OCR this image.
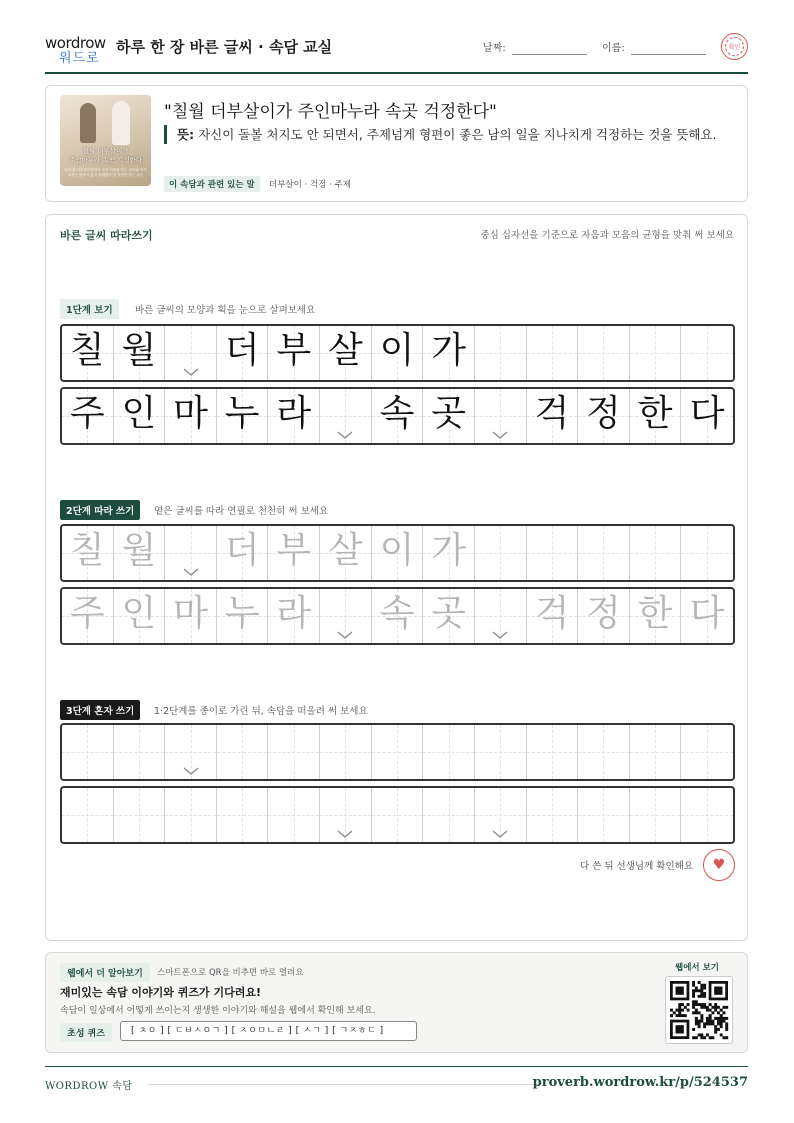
wordrow
워드로
하루 한 장 바른 글씨 · 속담 교실	날짜:	이름:	확인
칠월 더부살이가
주인마누라 속곳 걱정한다
남의 집 더부살이하면서 주인 걱정을 하는 것처럼 자기 처지는 돌보지 않고 쓸데없이 남 걱정만 하는 모습
"칠월 더부살이가 주인마누라 속곳 걱정한다"
뜻: 자신이 돌볼 처지도 안 되면서, 주제넘게 형편이 좋은 남의 일을 지나치게 걱정하는 것을 뜻해요.
이 속담과 관련 있는 말	더부살이 · 걱정 · 주제
바른 글씨 따라쓰기	중심 십자선을 기준으로 자음과 모음의 균형을 맞춰 써 보세요
1단계 보기	바른 글씨의 모양과 획을 눈으로 살펴보세요
칠 월 더 부 살 이 가
주 인 마 누 라 속 곳 걱 정 한 다
2단계 따라 쓰기	옅은 글씨를 따라 연필로 천천히 써 보세요
칠 월 더 부 살 이 가
주 인 마 누 라 속 곳 걱 정 한 다
3단계 혼자 쓰기	1·2단계를 종이로 가린 뒤, 속담을 떠올려 써 보세요
다 쓴 뒤 선생님께 확인해요 ♥
웹에서 더 알아보기	스마트폰으로 QR을 비추면 바로 열려요
재미있는 속담 이야기와 퀴즈가 기다려요!
속담이 일상에서 어떻게 쓰이는지 생생한 이야기와 해설을 웹에서 확인해 보세요.
초성 퀴즈	[ ㅊㅇ ] [ ㄷㅂㅅㅇㄱ ] [ ㅈㅇㅁㄴㄹ ] [ ㅅㄱ ] [ ㄱㅈㅎㄷ ]
웹에서 보기
WORDROW 속담	proverb.wordrow.kr/p/524537
